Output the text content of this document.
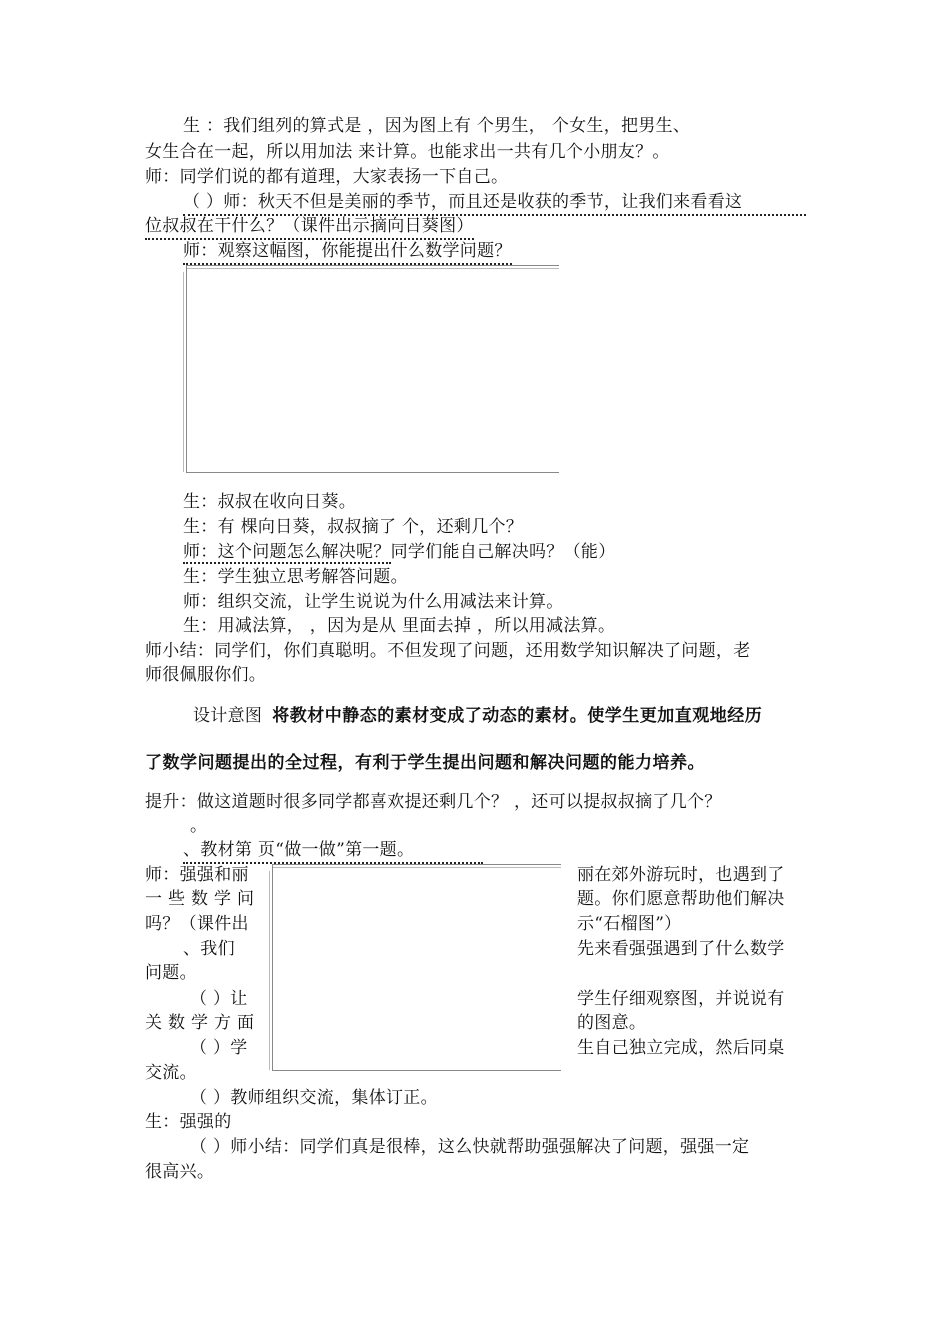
生 ：我们组列的算式是 ，因为图上有 个男生， 个女生，把男生、
女生合在一起，所以用加法 来计算。也能求出一共有几个小朋友？。
师：同学们说的都有道理，大家表扬一下自己。
（ ）师：秋天不但是美丽的季节，而且还是收获的季节，让我们来看看这
位叔叔在干什么？（课件出示摘向日葵图）
师：观察这幅图，你能提出什么数学问题？
生：叔叔在收向日葵。
生：有 棵向日葵，叔叔摘了 个，还剩几个？
师：这个问题怎么解决呢？同学们能自己解决吗？（能）
生：学生独立思考解答问题。
师：组织交流，让学生说说为什么用减法来计算。
生：用减法算， ，因为是从 里面去掉 ，所以用减法算。
师小结：同学们，你们真聪明。不但发现了问题，还用数学知识解决了问题，老
师很佩服你们。
设计意图 将教材中静态的素材变成了动态的素材。使学生更加直观地经历
了数学问题提出的全过程，有利于学生提出问题和解决问题的能力培养。
提升：做这道题时很多同学都喜欢提还剩几个？ ，还可以提叔叔摘了几个？
。
、教材第 页“做一做”第一题。
师：强强和丽	丽在郊外游玩时，也遇到了
一 些 数 学 问	题。你们愿意帮助他们解决
吗？（课件出	示“石榴图”）
、我们	先来看强强遇到了什么数学
问题。
（ ）让	学生仔细观察图，并说说有
关 数 学 方 面	的图意。
（ ）学	生自己独立完成，然后同桌
交流。
（ ）教师组织交流，集体订正。
生：强强的
（ ）师小结：同学们真是很棒，这么快就帮助强强解决了问题，强强一定
很高兴。
